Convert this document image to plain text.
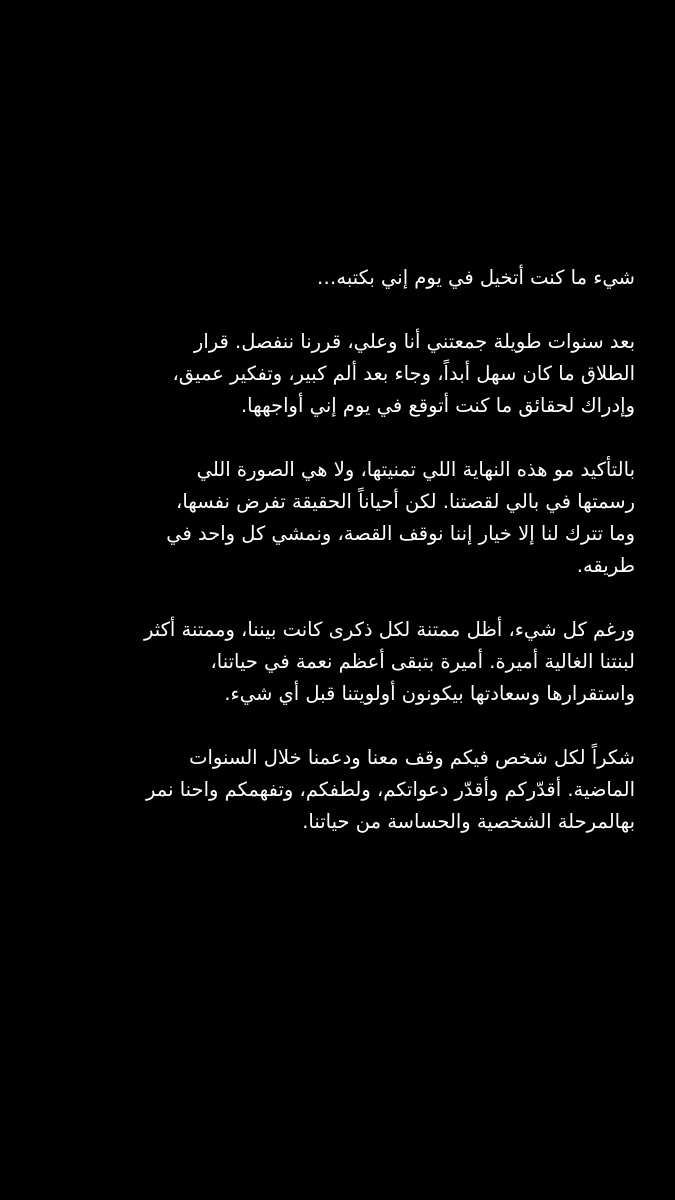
شيء ما كنت أتخيل في يوم إني بكتبه…

بعد سنوات طويلة جمعتني أنا وعلي، قررنا ننفصل. قرار
الطلاق ما كان سهل أبداً، وجاء بعد ألم كبير، وتفكير عميق،
وإدراك لحقائق ما كنت أتوقع في يوم إني أواجهها.

بالتأكيد مو هذه النهاية اللي تمنيتها، ولا هي الصورة اللي
رسمتها في بالي لقصتنا. لكن أحياناً الحقيقة تفرض نفسها،
وما تترك لنا إلا خيار إننا نوقف القصة، ونمشي كل واحد في
طريقه.

ورغم كل شيء، أظل ممتنة لكل ذكرى كانت بيننا، وممتنة أكثر
لبنتنا الغالية أميرة. أميرة بتبقى أعظم نعمة في حياتنا،
واستقرارها وسعادتها بيكونون أولويتنا قبل أي شيء.

شكراً لكل شخص فيكم وقف معنا ودعمنا خلال السنوات
الماضية. أقدّركم وأقدّر دعواتكم، ولطفكم، وتفهمكم واحنا نمر
بهالمرحلة الشخصية والحساسة من حياتنا.
